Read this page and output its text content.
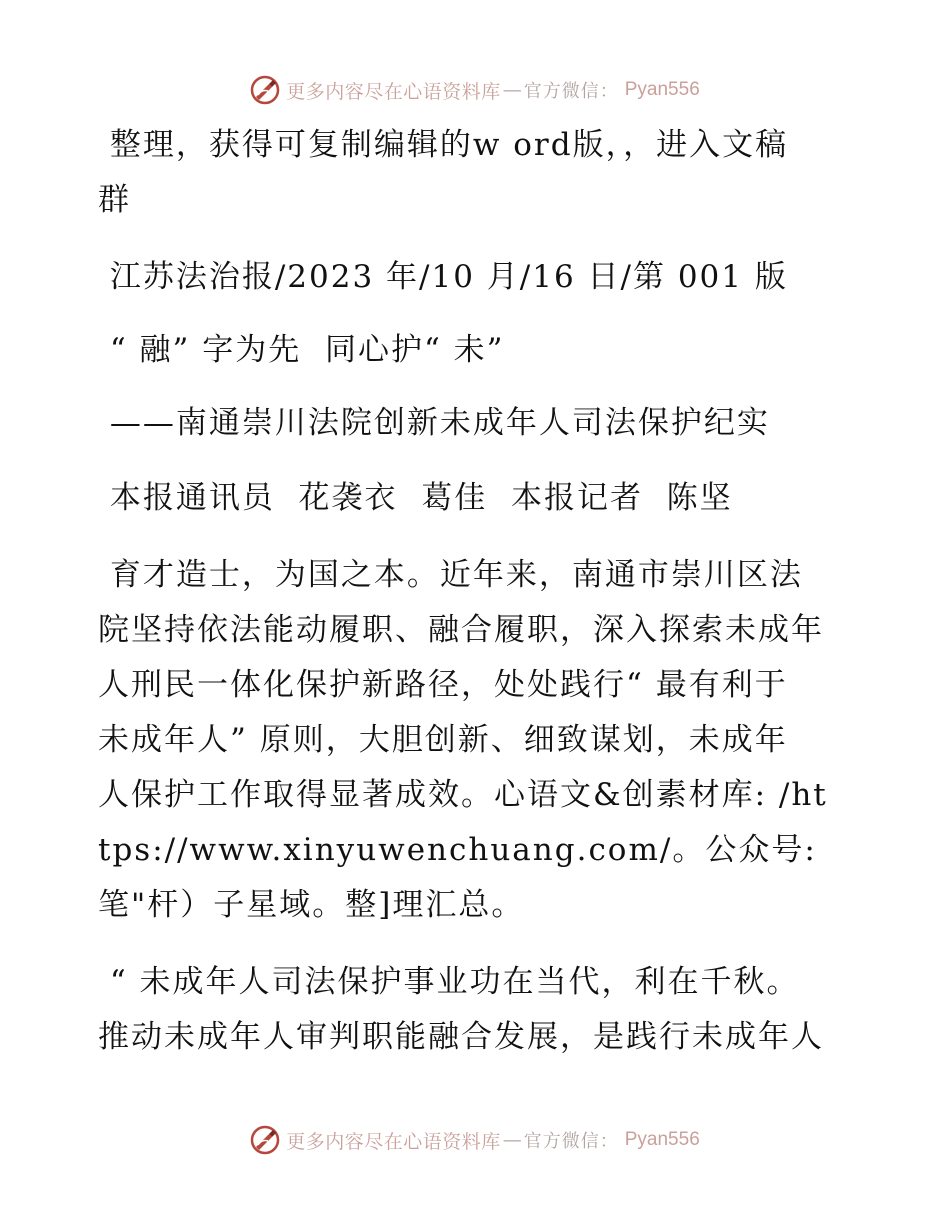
更多内容尽在心语资料库 — 官方微信： Pyan556
整理，获得可复制编辑的w ord版，，进入文稿
群
江苏法治报/2023 年/10 月/16 日/第 001 版
“ 融” 字为先  同心护“ 未”
——南通崇川法院创新未成年人司法保护纪实
本报通讯员  花袭衣  葛佳  本报记者  陈坚
育才造士，为国之本。近年来，南通市崇川区法
院坚持依法能动履职、融合履职，深入探索未成年
人刑民一体化保护新路径，处处践行“ 最有利于
未成年人” 原则，大胆创新、细致谋划，未成年
人保护工作取得显著成效。心语文&创素材库: /ht
tps://www.xinyuwenchuang.com/。公众号:
笔"杆）子星域。整]理汇总。
“ 未成年人司法保护事业功在当代，利在千秋。
推动未成年人审判职能融合发展，是践行未成年人
更多内容尽在心语资料库 — 官方微信： Pyan556
